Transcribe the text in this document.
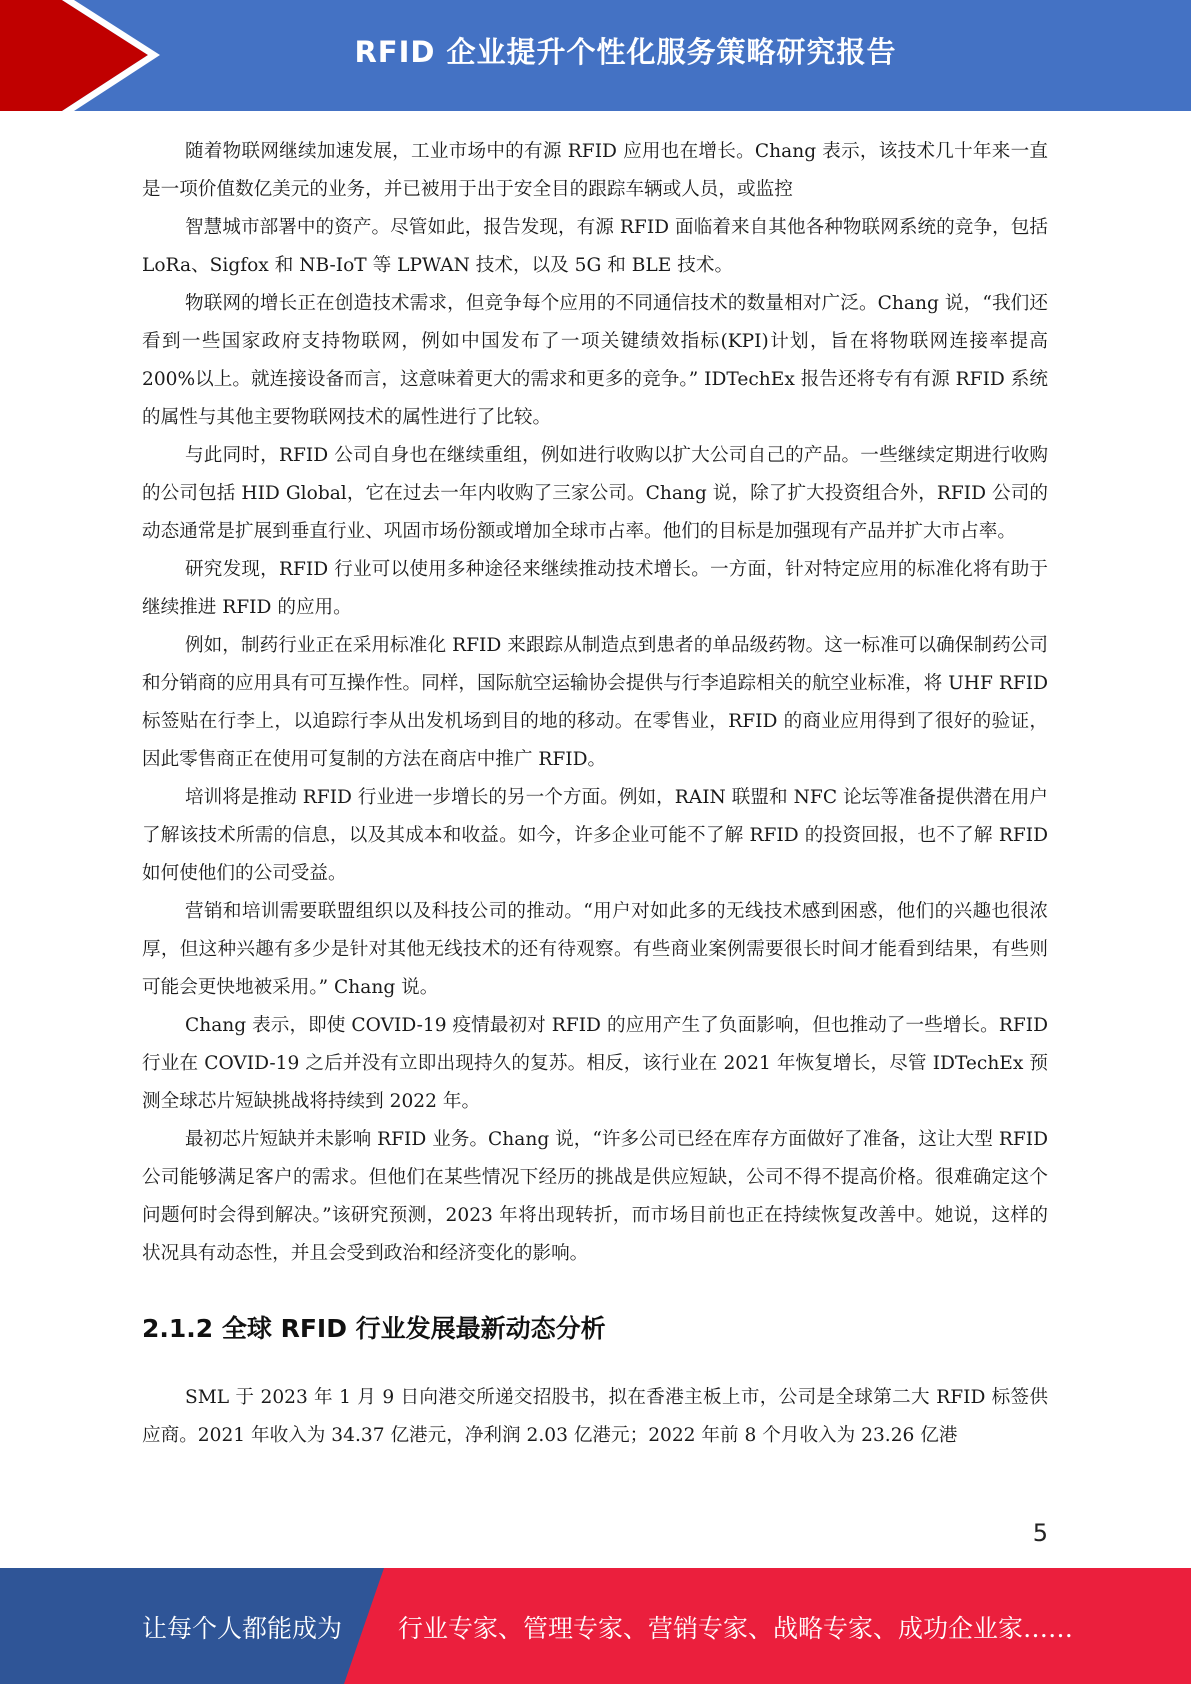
RFID 企业提升个性化服务策略研究报告

随着物联网继续加速发展，工业市场中的有源 RFID 应用也在增长。Chang 表示，该技术几十年来一直是一项价值数亿美元的业务，并已被用于出于安全目的跟踪车辆或人员，或监控

智慧城市部署中的资产。尽管如此，报告发现，有源 RFID 面临着来自其他各种物联网系统的竞争，包括 LoRa、Sigfox 和 NB-IoT 等 LPWAN 技术，以及 5G 和 BLE 技术。

物联网的增长正在创造技术需求，但竞争每个应用的不同通信技术的数量相对广泛。Chang 说，“我们还看到一些国家政府支持物联网，例如中国发布了一项关键绩效指标(KPI)计划，旨在将物联网连接率提高 200%以上。就连接设备而言，这意味着更大的需求和更多的竞争。” IDTechEx 报告还将专有有源 RFID 系统的属性与其他主要物联网技术的属性进行了比较。

与此同时，RFID 公司自身也在继续重组，例如进行收购以扩大公司自己的产品。一些继续定期进行收购的公司包括 HID Global，它在过去一年内收购了三家公司。Chang 说，除了扩大投资组合外，RFID 公司的动态通常是扩展到垂直行业、巩固市场份额或增加全球市占率。他们的目标是加强现有产品并扩大市占率。

研究发现，RFID 行业可以使用多种途径来继续推动技术增长。一方面，针对特定应用的标准化将有助于继续推进 RFID 的应用。

例如，制药行业正在采用标准化 RFID 来跟踪从制造点到患者的单品级药物。这一标准可以确保制药公司和分销商的应用具有可互操作性。同样，国际航空运输协会提供与行李追踪相关的航空业标准，将 UHF RFID 标签贴在行李上，以追踪行李从出发机场到目的地的移动。在零售业，RFID 的商业应用得到了很好的验证，因此零售商正在使用可复制的方法在商店中推广 RFID。

培训将是推动 RFID 行业进一步增长的另一个方面。例如，RAIN 联盟和 NFC 论坛等准备提供潜在用户了解该技术所需的信息，以及其成本和收益。如今，许多企业可能不了解 RFID 的投资回报，也不了解 RFID 如何使他们的公司受益。

营销和培训需要联盟组织以及科技公司的推动。“用户对如此多的无线技术感到困惑，他们的兴趣也很浓厚，但这种兴趣有多少是针对其他无线技术的还有待观察。有些商业案例需要很长时间才能看到结果，有些则可能会更快地被采用。” Chang 说。

Chang 表示，即使 COVID-19 疫情最初对 RFID 的应用产生了负面影响，但也推动了一些增长。RFID 行业在 COVID-19 之后并没有立即出现持久的复苏。相反，该行业在 2021 年恢复增长，尽管 IDTechEx 预测全球芯片短缺挑战将持续到 2022 年。

最初芯片短缺并未影响 RFID 业务。Chang 说，“许多公司已经在库存方面做好了准备，这让大型 RFID 公司能够满足客户的需求。但他们在某些情况下经历的挑战是供应短缺，公司不得不提高价格。很难确定这个问题何时会得到解决。”该研究预测，2023 年将出现转折，而市场目前也正在持续恢复改善中。她说，这样的状况具有动态性，并且会受到政治和经济变化的影响。

2.1.2 全球 RFID 行业发展最新动态分析

SML 于 2023 年 1 月 9 日向港交所递交招股书，拟在香港主板上市，公司是全球第二大 RFID 标签供应商。2021 年收入为 34.37 亿港元，净利润 2.03 亿港元；2022 年前 8 个月收入为 23.26 亿港

5
让每个人都能成为 行业专家、管理专家、营销专家、战略专家、成功企业家……
